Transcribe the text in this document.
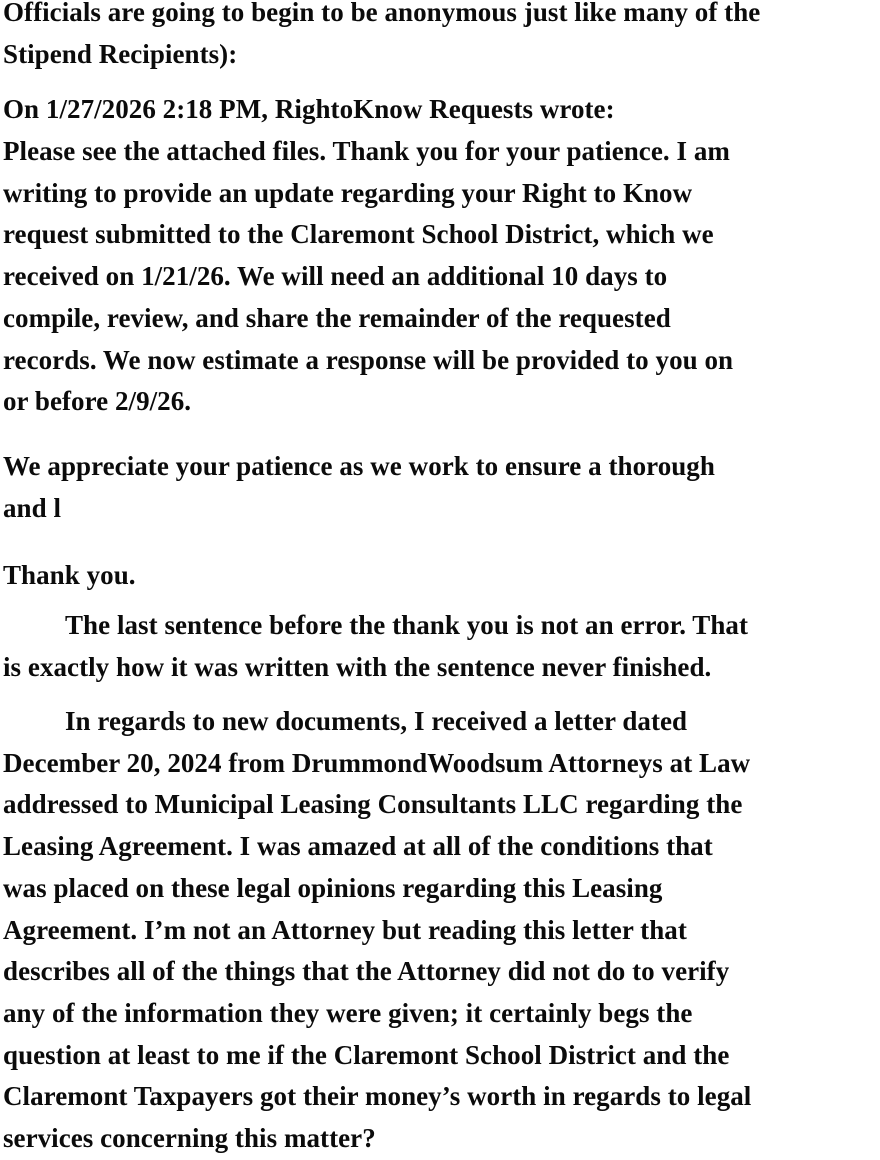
Officials are going to begin to be anonymous just like many of the
Stipend Recipients):

On 1/27/2026 2:18 PM, RightoKnow Requests wrote:

Please see the attached files. Thank you for your patience. I am
writing to provide an update regarding your Right to Know
request submitted to the Claremont School District, which we
received on 1/21/26. We will need an additional 10 days to
compile, review, and share the remainder of the requested
records. We now estimate a response will be provided to you on
or before 2/9/26.

We appreciate your patience as we work to ensure a thorough
and l

Thank you.

The last sentence before the thank you is not an error. That
is exactly how it was written with the sentence never finished.

In regards to new documents, I received a letter dated
December 20, 2024 from DrummondWoodsum Attorneys at Law
addressed to Municipal Leasing Consultants LLC regarding the
Leasing Agreement. I was amazed at all of the conditions that
was placed on these legal opinions regarding this Leasing
Agreement. I’m not an Attorney but reading this letter that
describes all of the things that the Attorney did not do to verify
any of the information they were given; it certainly begs the
question at least to me if the Claremont School District and the
Claremont Taxpayers got their money’s worth in regards to legal
services concerning this matter?
